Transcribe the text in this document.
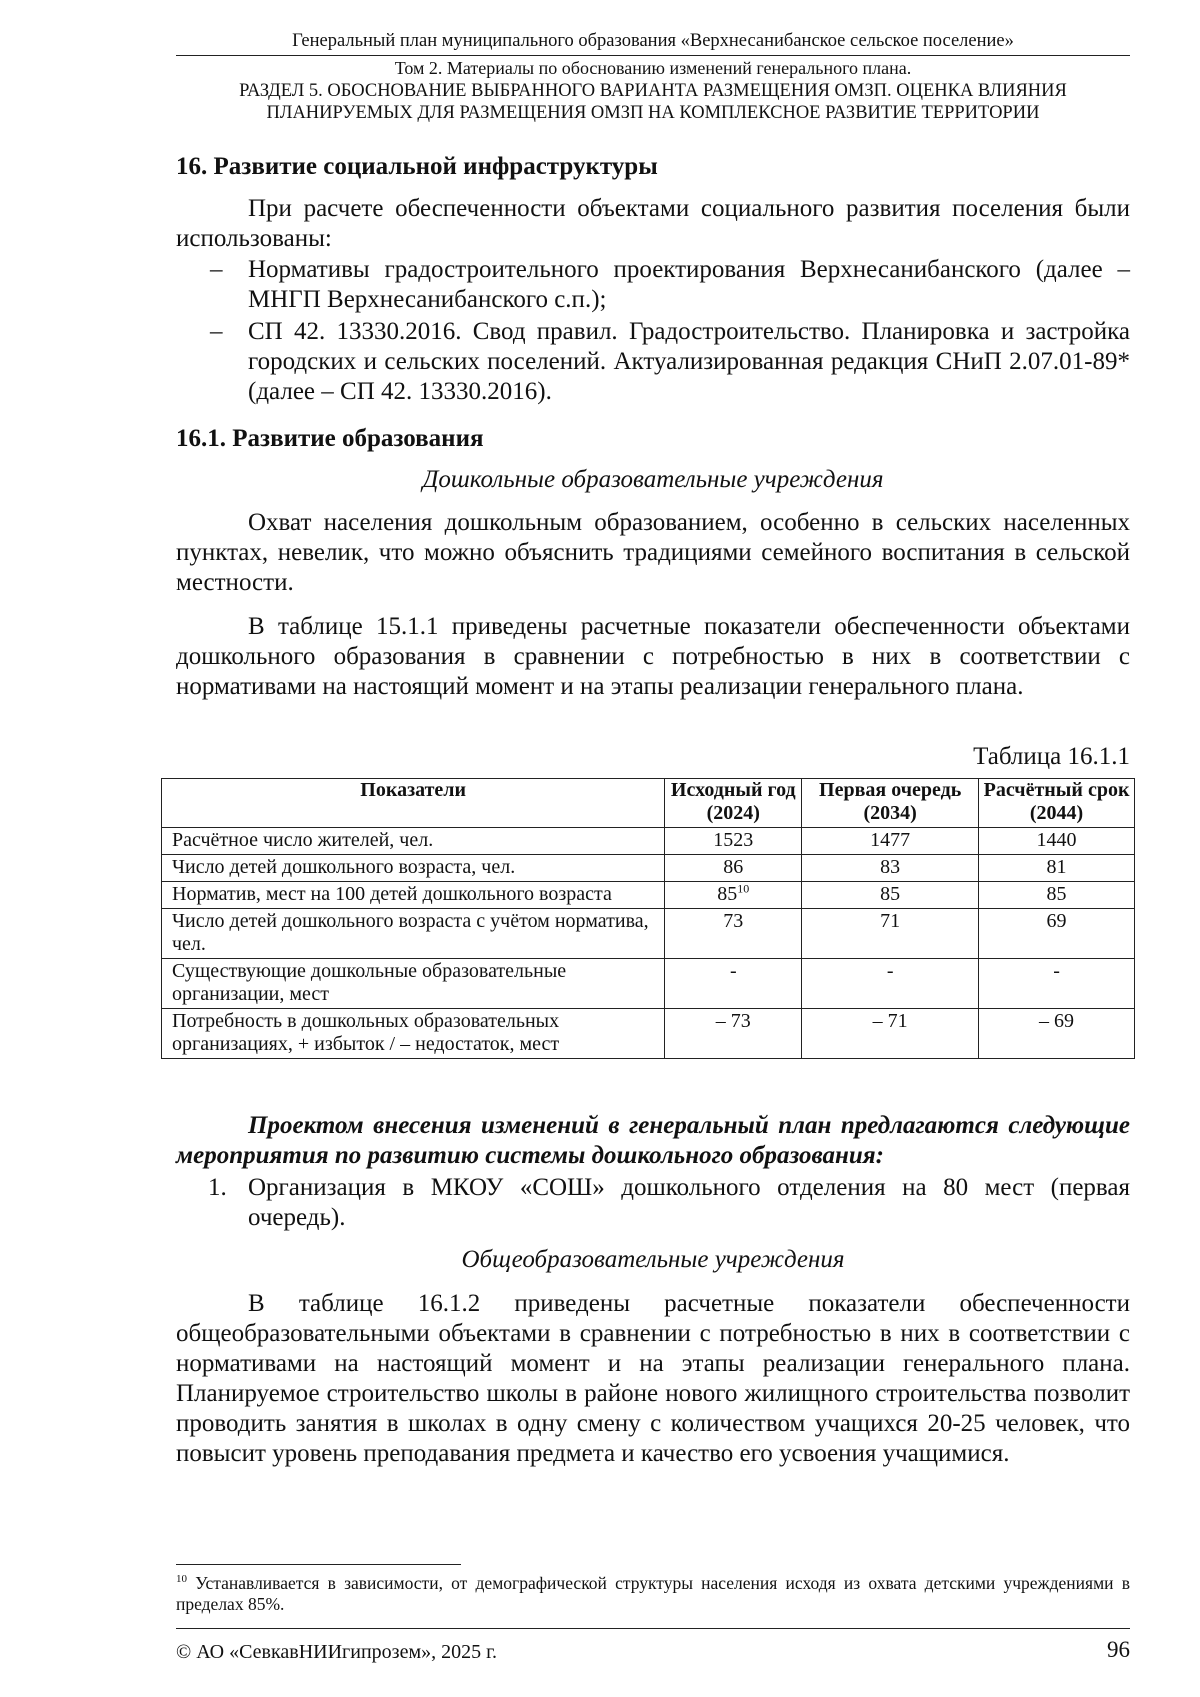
Генеральный план муниципального образования «Верхнесанибанское сельское поселение»
Том 2. Материалы по обоснованию изменений генерального плана.
РАЗДЕЛ 5. ОБОСНОВАНИЕ ВЫБРАННОГО ВАРИАНТА РАЗМЕЩЕНИЯ ОМЗП. ОЦЕНКА ВЛИЯНИЯ ПЛАНИРУЕМЫХ ДЛЯ РАЗМЕЩЕНИЯ ОМЗП НА КОМПЛЕКСНОЕ РАЗВИТИЕ ТЕРРИТОРИИ
16. Развитие социальной инфраструктуры
При расчете обеспеченности объектами социального развития поселения были использованы:
– Нормативы градостроительного проектирования Верхнесанибанского (далее – МНГП Верхнесанибанского с.п.);
– СП 42. 13330.2016. Свод правил. Градостроительство. Планировка и застройка городских и сельских поселений. Актуализированная редакция СНиП 2.07.01-89* (далее – СП 42. 13330.2016).
16.1. Развитие образования
Дошкольные образовательные учреждения
Охват населения дошкольным образованием, особенно в сельских населенных пунктах, невелик, что можно объяснить традициями семейного воспитания в сельской местности.
В таблице 15.1.1 приведены расчетные показатели обеспеченности объектами дошкольного образования в сравнении с потребностью в них в соответствии с нормативами на настоящий момент и на этапы реализации генерального плана.
Таблица 16.1.1
Показатели	Исходный год (2024)	Первая очередь (2034)	Расчётный срок (2044)
Расчётное число жителей, чел.	1523	1477	1440
Число детей дошкольного возраста, чел.	86	83	81
Норматив, мест на 100 детей дошкольного возраста	$85^{10}$	85	85
Число детей дошкольного возраста с учётом норматива, чел.	73	71	69
Существующие дошкольные образовательные организации, мест	-	-	-
Потребность в дошкольных образовательных организациях, + избыток / – недостаток, мест	– 73	– 71	– 69
Проектом внесения изменений в генеральный план предлагаются следующие мероприятия по развитию системы дошкольного образования:
1. Организация в МКОУ «СОШ» дошкольного отделения на 80 мест (первая очередь).
Общеобразовательные учреждения
В таблице 16.1.2 приведены расчетные показатели обеспеченности общеобразовательными объектами в сравнении с потребностью в них в соответствии с нормативами на настоящий момент и на этапы реализации генерального плана. Планируемое строительство школы в районе нового жилищного строительства позволит проводить занятия в школах в одну смену с количеством учащихся 20-25 человек, что повысит уровень преподавания предмета и качество его усвоения учащимися.
$^{10}$ Устанавливается в зависимости, от демографической структуры населения исходя из охвата детскими учреждениями в пределах 85%.
© АО «СевкавНИИгипрозем», 2025 г.	96
